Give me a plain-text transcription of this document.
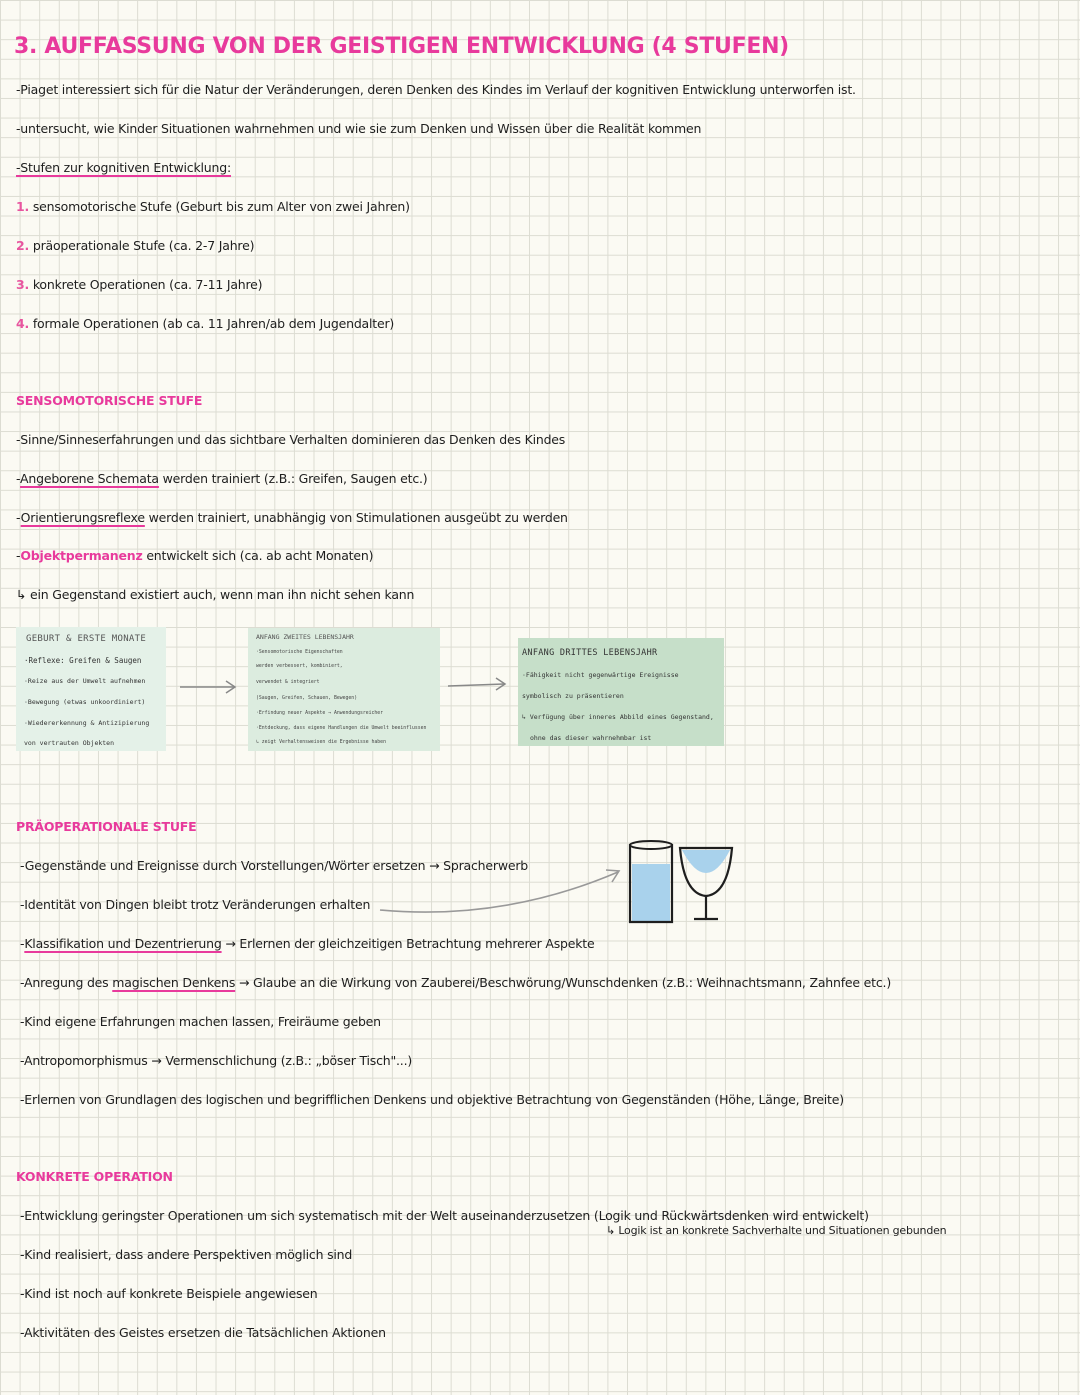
3. AUFFASSUNG VON DER GEISTIGEN ENTWICKLUNG (4 STUFEN)
-Piaget interessiert sich für die Natur der Veränderungen, deren Denken des Kindes im Verlauf der kognitiven Entwicklung unterworfen ist.
-untersucht, wie Kinder Situationen wahrnehmen und wie sie zum Denken und Wissen über die Realität kommen
-Stufen zur kognitiven Entwicklung:
1. sensomotorische Stufe (Geburt bis zum Alter von zwei Jahren)
2. präoperationale Stufe (ca. 2-7 Jahre)
3. konkrete Operationen (ca. 7-11 Jahre)
4. formale Operationen (ab ca. 11 Jahren/ab dem Jugendalter)
SENSOMOTORISCHE STUFE
-Sinne/Sinneserfahrungen und das sichtbare Verhalten dominieren das Denken des Kindes
-Angeborene Schemata werden trainiert (z.B.: Greifen, Saugen etc.)
-Orientierungsreflexe werden trainiert, unabhängig von Stimulationen ausgeübt zu werden
-Objektpermanenz entwickelt sich (ca. ab acht Monaten)
↳ ein Gegenstand existiert auch, wenn man ihn nicht sehen kann
GEBURT & ERSTE MONATE
·Reflexe: Greifen & Saugen
·Reize aus der Umwelt aufnehmen
·Bewegung (etwas unkoordiniert)
·Wiedererkennung & Antizipierung
von vertrauten Objekten
ANFANG ZWEITES LEBENSJAHR
·Sensomotorische Eigenschaften
werden verbessert, kombiniert,
verwendet & integriert
(Saugen, Greifen, Schauen, Bewegen)
·Erfindung neuer Aspekte → Anwendungsreicher
·Entdeckung, dass eigene Handlungen die Umwelt beeinflussen
↳ zeigt Verhaltensweisen die Ergebnisse haben
ANFANG DRITTES LEBENSJAHR
·Fähigkeit nicht gegenwärtige Ereignisse
symbolisch zu präsentieren
↳ Verfügung über inneres Abbild eines Gegenstand,
ohne das dieser wahrnehmbar ist
PRÄOPERATIONALE STUFE
-Gegenstände und Ereignisse durch Vorstellungen/Wörter ersetzen → Spracherwerb
-Identität von Dingen bleibt trotz Veränderungen erhalten
-Klassifikation und Dezentrierung → Erlernen der gleichzeitigen Betrachtung mehrerer Aspekte
-Anregung des magischen Denkens → Glaube an die Wirkung von Zauberei/Beschwörung/Wunschdenken (z.B.: Weihnachtsmann, Zahnfee etc.)
-Kind eigene Erfahrungen machen lassen, Freiräume geben
-Antropomorphismus → Vermenschlichung (z.B.: „böser Tisch"...)
-Erlernen von Grundlagen des logischen und begrifflichen Denkens und objektive Betrachtung von Gegenständen (Höhe, Länge, Breite)
KONKRETE OPERATION
-Entwicklung geringster Operationen um sich systematisch mit der Welt auseinanderzusetzen (Logik und Rückwärtsdenken wird entwickelt)
↳ Logik ist an konkrete Sachverhalte und Situationen gebunden
-Kind realisiert, dass andere Perspektiven möglich sind
-Kind ist noch auf konkrete Beispiele angewiesen
-Aktivitäten des Geistes ersetzen die Tatsächlichen Aktionen
